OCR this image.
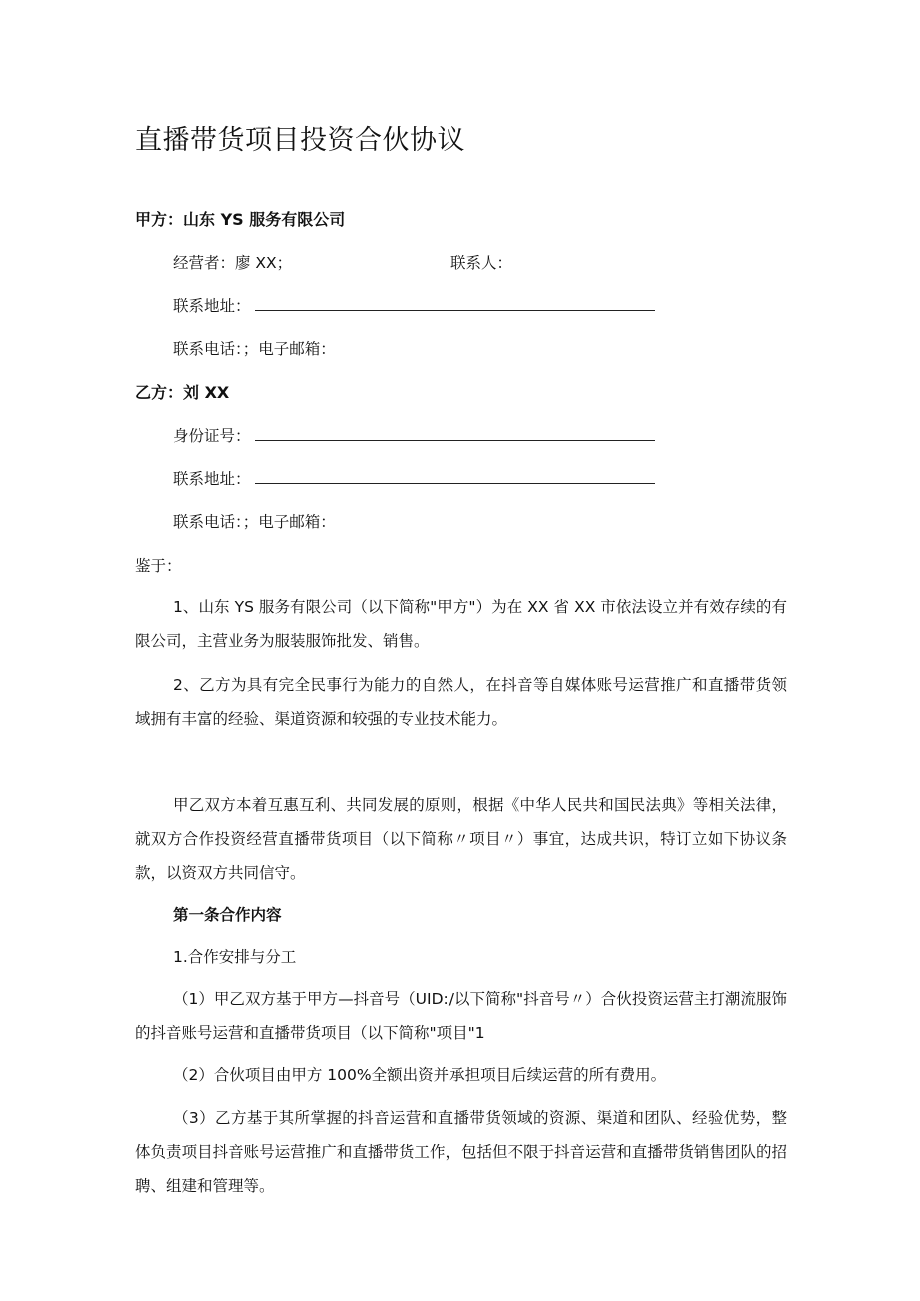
直播带货项目投资合伙协议
甲方：山东 YS 服务有限公司
经营者：廖 XX；	联系人：
联系地址：
联系电话：；电子邮箱：
乙方：刘 XX
身份证号：
联系地址：
联系电话：；电子邮箱：
鉴于：
1、山东 YS 服务有限公司（以下简称"甲方"）为在 XX 省 XX 市依法设立并有效存续的有限公司，主营业务为服装服饰批发、销售。
2、乙方为具有完全民事行为能力的自然人，在抖音等自媒体账号运营推广和直播带货领域拥有丰富的经验、渠道资源和较强的专业技术能力。
甲乙双方本着互惠互利、共同发展的原则，根据《中华人民共和国民法典》等相关法律，就双方合作投资经营直播带货项目（以下简称〃项目〃）事宜，达成共识，特订立如下协议条款，以资双方共同信守。
第一条合作内容
1.合作安排与分工
（1）甲乙双方基于甲方—抖音号（UID:/以下简称"抖音号〃）合伙投资运营主打潮流服饰的抖音账号运营和直播带货项目（以下简称"项目"1
（2）合伙项目由甲方 100%全额出资并承担项目后续运营的所有费用。
（3）乙方基于其所掌握的抖音运营和直播带货领域的资源、渠道和团队、经验优势，整体负责项目抖音账号运营推广和直播带货工作，包括但不限于抖音运营和直播带货销售团队的招聘、组建和管理等。
